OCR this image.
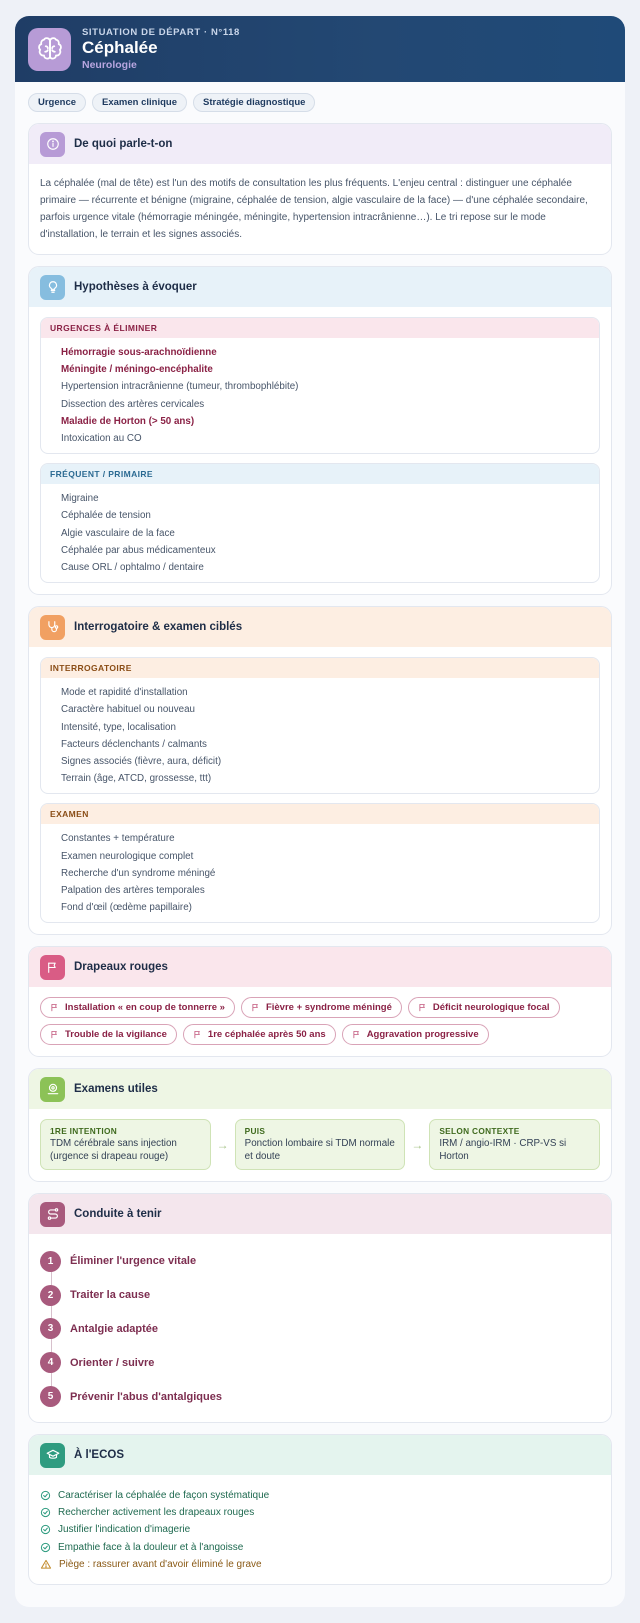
SITUATION DE DÉPART · N°118
Céphalée
Neurologie
Urgence	Examen clinique	Stratégie diagnostique
De quoi parle-t-on

La céphalée (mal de tête) est l'un des motifs de consultation les plus fréquents. L'enjeu central : distinguer une céphalée primaire — récurrente et bénigne (migraine, céphalée de tension, algie vasculaire de la face) — d'une céphalée secondaire, parfois urgence vitale (hémorragie méningée, méningite, hypertension intracrânienne…). Le tri repose sur le mode d'installation, le terrain et les signes associés.

Hypothèses à évoquer
URGENCES À ÉLIMINER
Hémorragie sous-arachnoïdienne
Méningite / méningo-encéphalite
Hypertension intracrânienne (tumeur, thrombophlébite)
Dissection des artères cervicales
Maladie de Horton (> 50 ans)
Intoxication au CO
FRÉQUENT / PRIMAIRE
Migraine
Céphalée de tension
Algie vasculaire de la face
Céphalée par abus médicamenteux
Cause ORL / ophtalmo / dentaire
Interrogatoire & examen ciblés
INTERROGATOIRE
Mode et rapidité d'installation
Caractère habituel ou nouveau
Intensité, type, localisation
Facteurs déclenchants / calmants
Signes associés (fièvre, aura, déficit)
Terrain (âge, ATCD, grossesse, ttt)
EXAMEN
Constantes + température
Examen neurologique complet
Recherche d'un syndrome méningé
Palpation des artères temporales
Fond d'œil (œdème papillaire)
Drapeaux rouges
Installation « en coup de tonnerre »	Fièvre + syndrome méningé	Déficit neurologique focal
Trouble de la vigilance	1re céphalée après 50 ans	Aggravation progressive
Examens utiles
1RE INTENTION
TDM cérébrale sans injection (urgence si drapeau rouge)
→
PUIS
Ponction lombaire si TDM normale et doute
→
SELON CONTEXTE
IRM / angio-IRM · CRP-VS si Horton
Conduite à tenir
1	Éliminer l'urgence vitale
2	Traiter la cause
3	Antalgie adaptée
4	Orienter / suivre
5	Prévenir l'abus d'antalgiques
À l'ECOS
Caractériser la céphalée de façon systématique
Rechercher activement les drapeaux rouges
Justifier l'indication d'imagerie
Empathie face à la douleur et à l'angoisse
Piège : rassurer avant d'avoir éliminé le grave
